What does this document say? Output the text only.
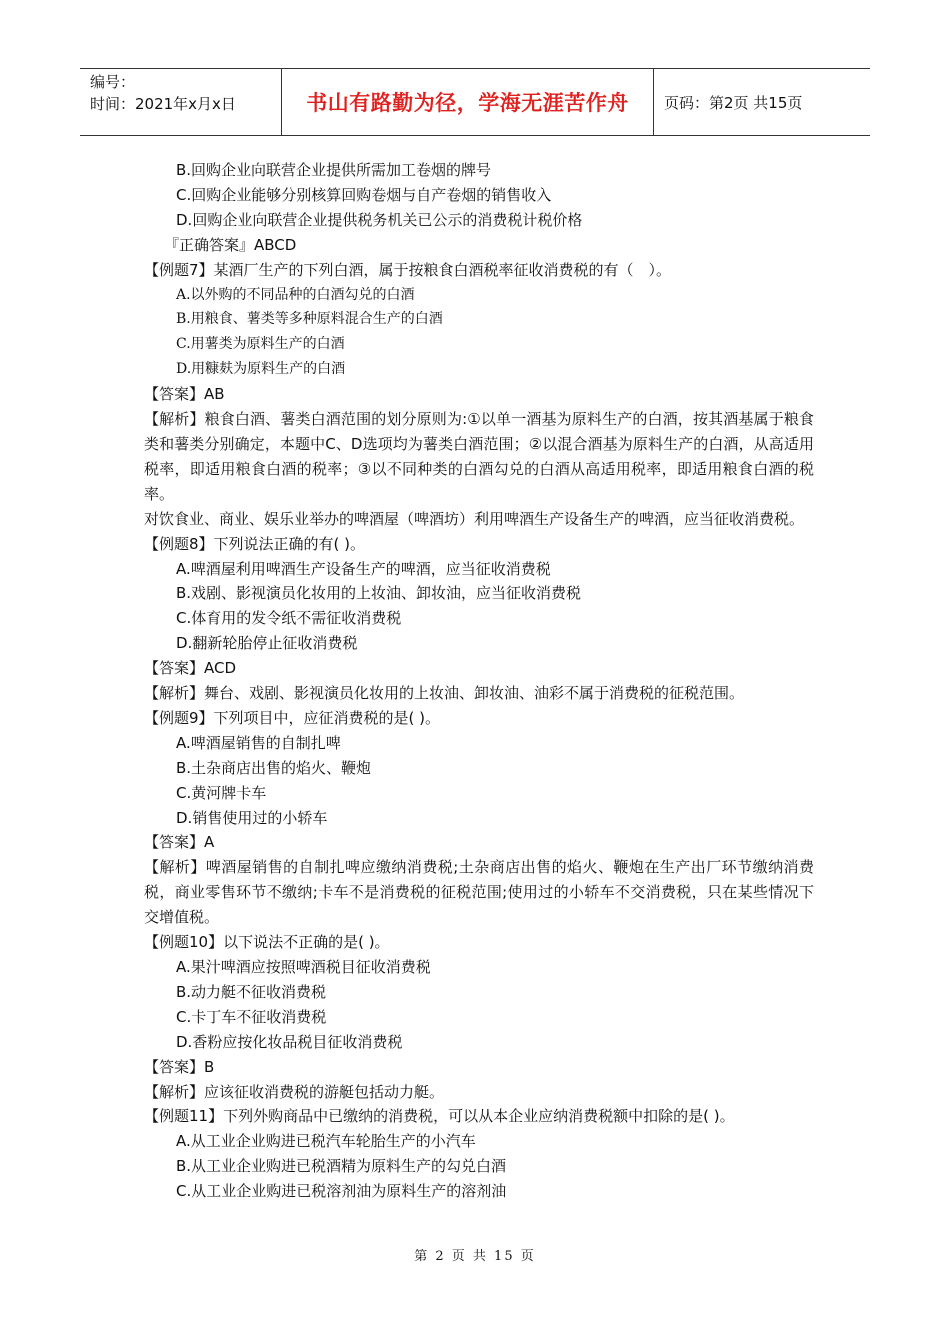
编号：
时间：2021年x月x日	书山有路勤为径，学海无涯苦作舟	页码：第2页 共15页
B.回购企业向联营企业提供所需加工卷烟的牌号
C.回购企业能够分别核算回购卷烟与自产卷烟的销售收入
D.回购企业向联营企业提供税务机关已公示的消费税计税价格
『正确答案』ABCD
【例题7】某酒厂生产的下列白酒，属于按粮食白酒税率征收消费税的有（　）。
A.以外购的不同品种的白酒勾兑的白酒
B.用粮食、薯类等多种原料混合生产的白酒
C.用薯类为原料生产的白酒
D.用糠麸为原料生产的白酒
【答案】AB
【解析】粮食白酒、薯类白酒范围的划分原则为:①以单一酒基为原料生产的白酒，按其酒基属于粮食类和薯类分别确定，本题中C、D选项均为薯类白酒范围；②以混合酒基为原料生产的白酒，从高适用税率，即适用粮食白酒的税率；③以不同种类的白酒勾兑的白酒从高适用税率，即适用粮食白酒的税率。
对饮食业、商业、娱乐业举办的啤酒屋（啤酒坊）利用啤酒生产设备生产的啤酒，应当征收消费税。
【例题8】下列说法正确的有( )。
A.啤酒屋利用啤酒生产设备生产的啤酒，应当征收消费税
B.戏剧、影视演员化妆用的上妆油、卸妆油，应当征收消费税
C.体育用的发令纸不需征收消费税
D.翻新轮胎停止征收消费税
【答案】ACD
【解析】舞台、戏剧、影视演员化妆用的上妆油、卸妆油、油彩不属于消费税的征税范围。
【例题9】下列项目中，应征消费税的是( )。
A.啤酒屋销售的自制扎啤
B.土杂商店出售的焰火、鞭炮
C.黄河牌卡车
D.销售使用过的小轿车
【答案】A
【解析】啤酒屋销售的自制扎啤应缴纳消费税;土杂商店出售的焰火、鞭炮在生产出厂环节缴纳消费税，商业零售环节不缴纳;卡车不是消费税的征税范围;使用过的小轿车不交消费税，只在某些情况下交增值税。
【例题10】以下说法不正确的是( )。
A.果汁啤酒应按照啤酒税目征收消费税
B.动力艇不征收消费税
C.卡丁车不征收消费税
D.香粉应按化妆品税目征收消费税
【答案】B
【解析】应该征收消费税的游艇包括动力艇。
【例题11】下列外购商品中已缴纳的消费税，可以从本企业应纳消费税额中扣除的是( )。
A.从工业企业购进已税汽车轮胎生产的小汽车
B.从工业企业购进已税酒精为原料生产的勾兑白酒
C.从工业企业购进已税溶剂油为原料生产的溶剂油
第 2 页 共 15 页
